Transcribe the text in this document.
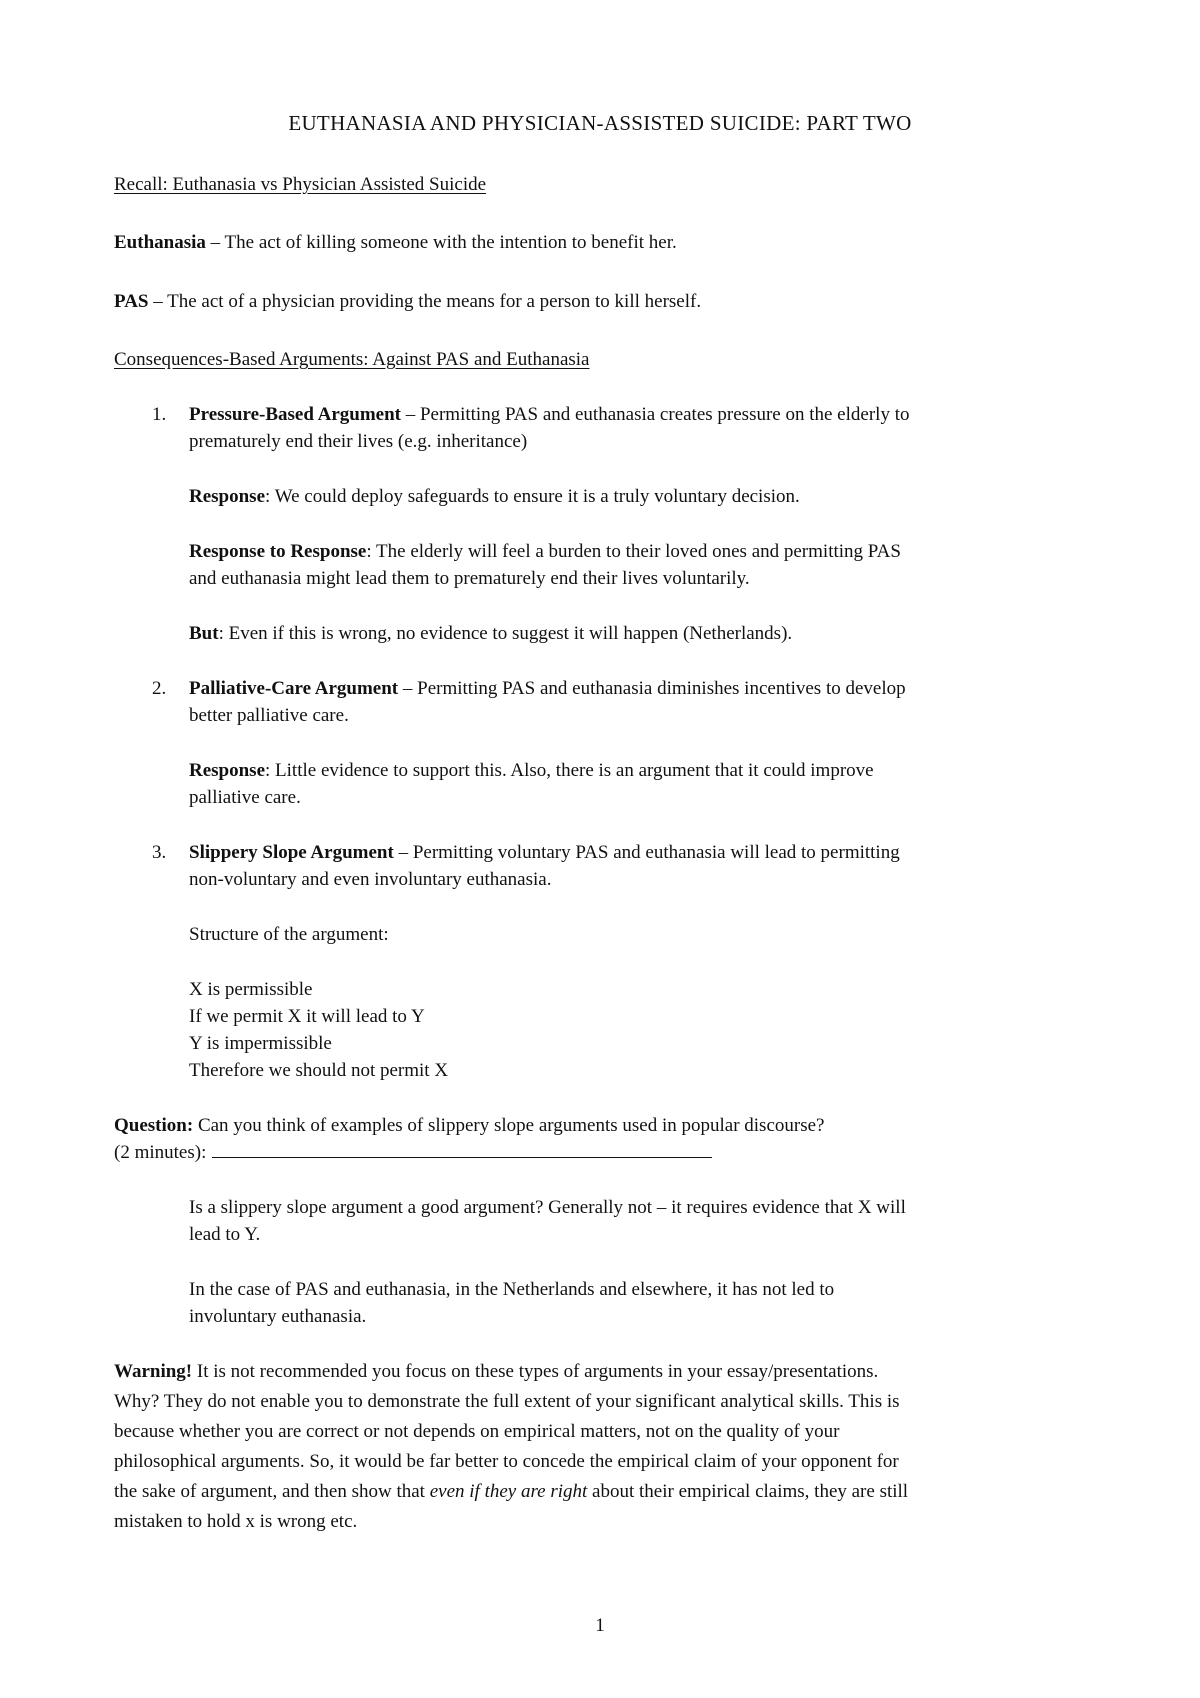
EUTHANASIA AND PHYSICIAN-ASSISTED SUICIDE: PART TWO
Recall: Euthanasia vs Physician Assisted Suicide
Euthanasia – The act of killing someone with the intention to benefit her.
PAS – The act of a physician providing the means for a person to kill herself.
Consequences-Based Arguments: Against PAS and Euthanasia
1. Pressure-Based Argument – Permitting PAS and euthanasia creates pressure on the elderly to
prematurely end their lives (e.g. inheritance)
Response: We could deploy safeguards to ensure it is a truly voluntary decision.
Response to Response: The elderly will feel a burden to their loved ones and permitting PAS
and euthanasia might lead them to prematurely end their lives voluntarily.
But: Even if this is wrong, no evidence to suggest it will happen (Netherlands).
2. Palliative-Care Argument – Permitting PAS and euthanasia diminishes incentives to develop
better palliative care.
Response: Little evidence to support this. Also, there is an argument that it could improve
palliative care.
3. Slippery Slope Argument – Permitting voluntary PAS and euthanasia will lead to permitting
non-voluntary and even involuntary euthanasia.
Structure of the argument:
X is permissible
If we permit X it will lead to Y
Y is impermissible
Therefore we should not permit X
Question: Can you think of examples of slippery slope arguments used in popular discourse?
(2 minutes):
Is a slippery slope argument a good argument? Generally not – it requires evidence that X will
lead to Y.
In the case of PAS and euthanasia, in the Netherlands and elsewhere, it has not led to
involuntary euthanasia.
Warning! It is not recommended you focus on these types of arguments in your essay/presentations.
Why? They do not enable you to demonstrate the full extent of your significant analytical skills. This is
because whether you are correct or not depends on empirical matters, not on the quality of your
philosophical arguments. So, it would be far better to concede the empirical claim of your opponent for
the sake of argument, and then show that even if they are right about their empirical claims, they are still
mistaken to hold x is wrong etc.
1
